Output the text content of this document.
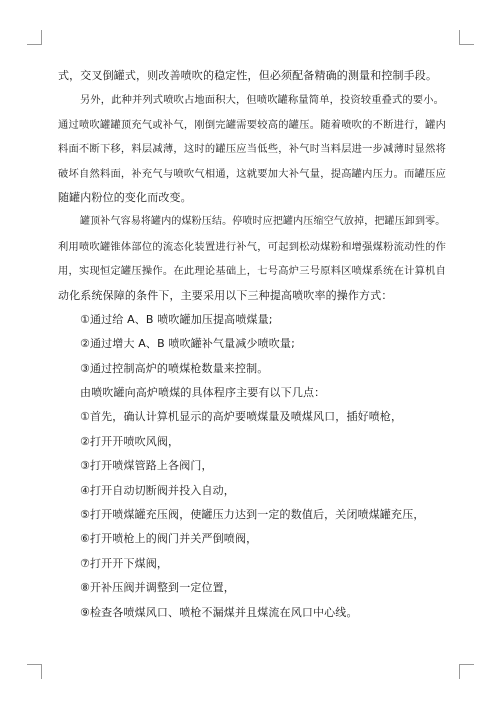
式，交叉倒罐式，则改善喷吹的稳定性，但必须配备精确的测量和控制手段。
另外，此种并列式喷吹占地面积大，但喷吹罐称量简单，投资较重叠式的要小。
通过喷吹罐罐顶充气或补气，刚倒完罐需要较高的罐压。随着喷吹的不断进行，罐内
料面不断下移，料层减薄，这时的罐压应当低些，补气时当料层进一步减薄时显然将
破坏自然料面，补充气与喷吹气相通，这就要加大补气量，提高罐内压力。而罐压应
随罐内粉位的变化而改变。
罐顶补气容易将罐内的煤粉压结。停喷时应把罐内压缩空气放掉，把罐压卸到零。
利用喷吹罐锥体部位的流态化装置进行补气，可起到松动煤粉和增强煤粉流动性的作
用，实现恒定罐压操作。在此理论基础上，七号高炉三号原料区喷煤系统在计算机自
动化系统保障的条件下，主要采用以下三种提高喷吹率的操作方式：
①通过给 A、B 喷吹罐加压提高喷煤量;
②通过增大 A、B 喷吹罐补气量减少喷吹量;
③通过控制高炉的喷煤枪数量来控制。
由喷吹罐向高炉喷煤的具体程序主要有以下几点：
①首先，确认计算机显示的高炉要喷煤量及喷煤风口，插好喷枪，
②打开开喷吹风阀，
③打开喷煤管路上各阀门，
④打开自动切断阀并投入自动，
⑤打开喷煤罐充压阀，使罐压力达到一定的数值后，关闭喷煤罐充压，
⑥打开喷枪上的阀门并关严倒喷阀，
⑦打开开下煤阀，
⑧开补压阀并调整到一定位置，
⑨检查各喷煤风口、喷枪不漏煤并且煤流在风口中心线。
